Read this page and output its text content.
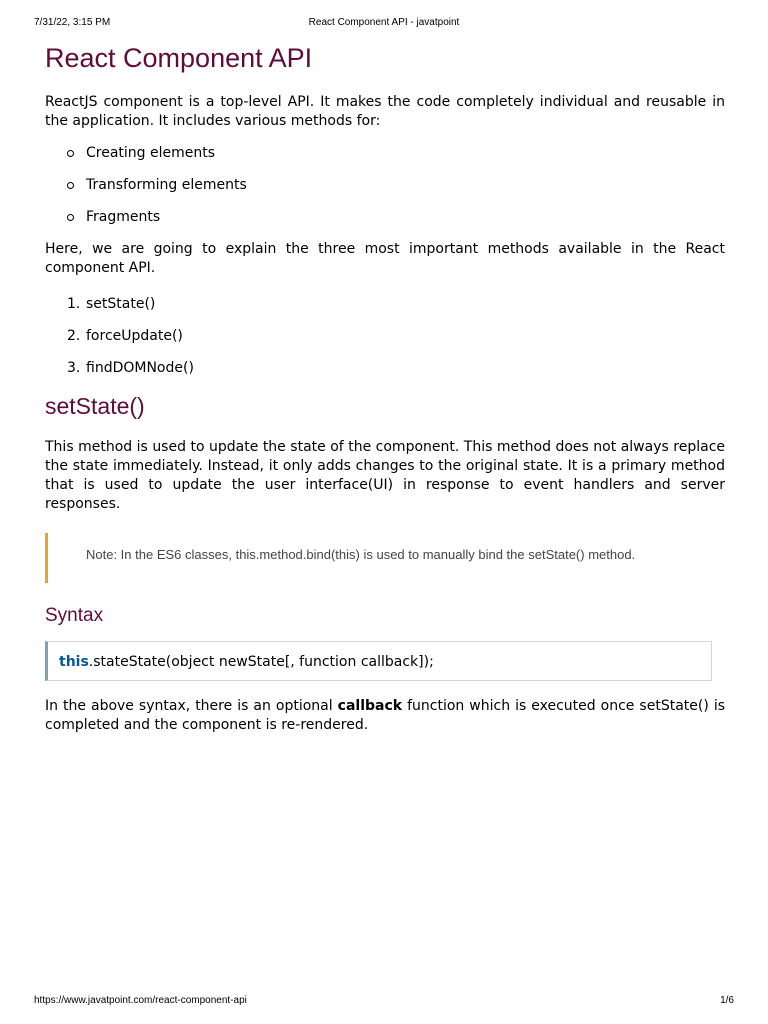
7/31/22, 3:15 PM	React Component API - javatpoint
React Component API

ReactJS component is a top-level API. It makes the code completely individual and reusable in the application. It includes various methods for:

Creating elements
Transforming elements
Fragments

Here, we are going to explain the three most important methods available in the React component API.

1. setState()
2. forceUpdate()
3. findDOMNode()
setState()

This method is used to update the state of the component. This method does not always replace the state immediately. Instead, it only adds changes to the original state. It is a primary method that is used to update the user interface(UI) in response to event handlers and server responses.

Note: In the ES6 classes, this.method.bind(this) is used to manually bind the setState() method.
Syntax
this.stateState(object newState[, function callback]);

In the above syntax, there is an optional callback function which is executed once setState() is completed and the component is re-rendered.

https://www.javatpoint.com/react-component-api	1/6
